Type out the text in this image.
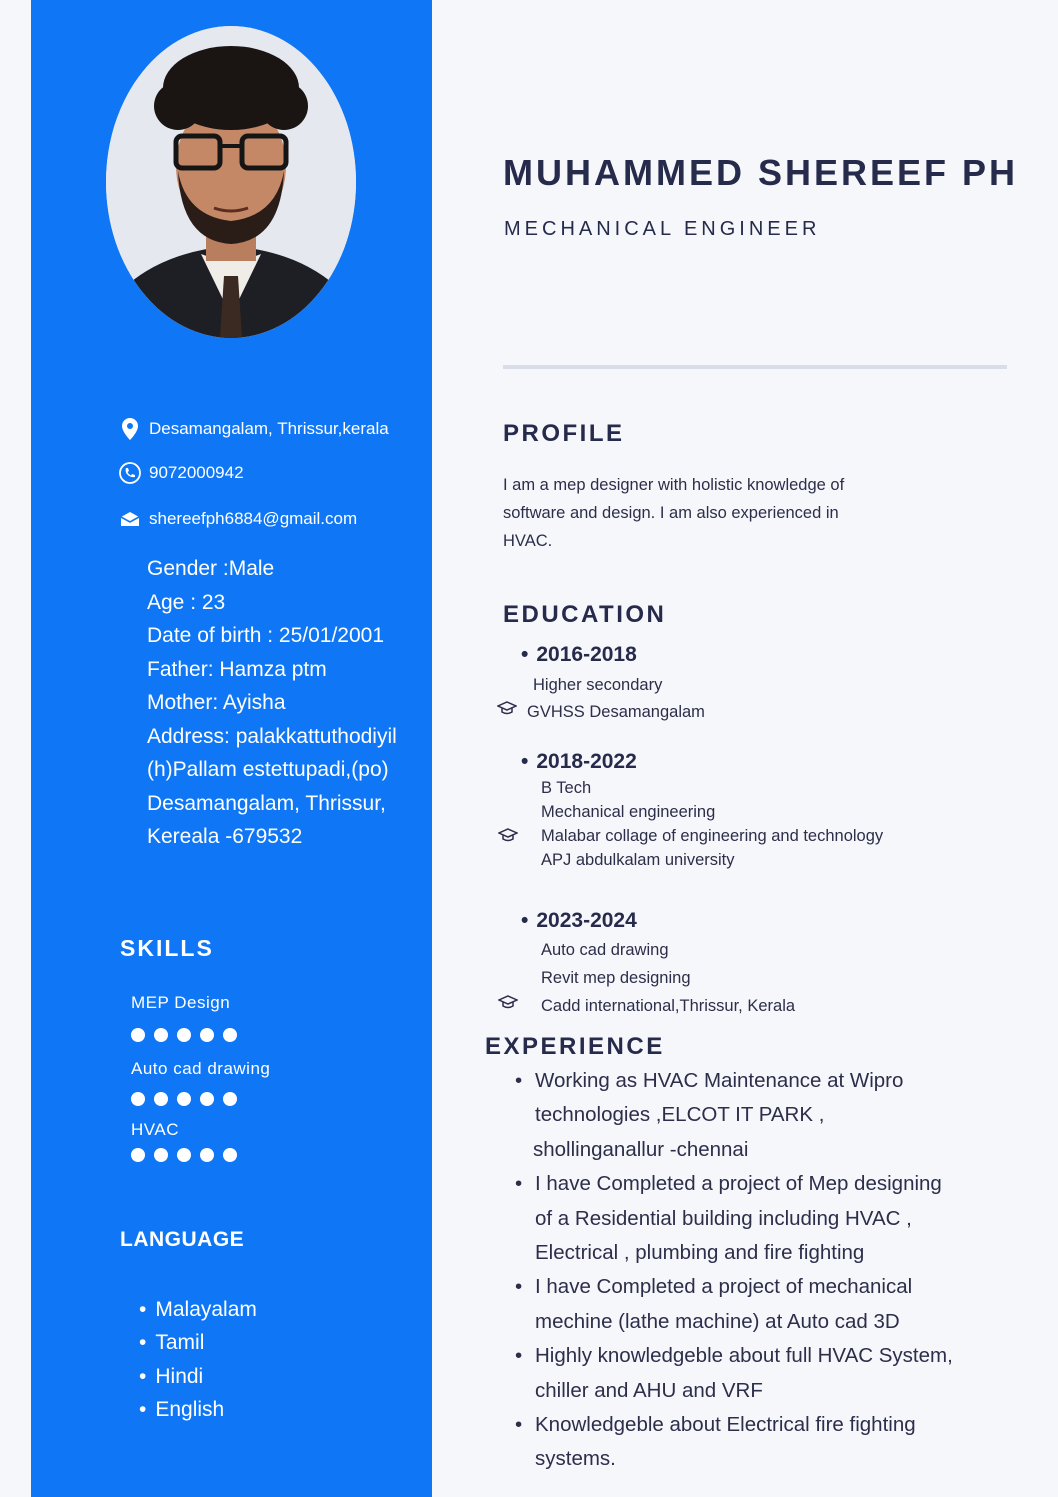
Desamangalam, Thrissur,kerala
9072000942
shereefph6884@gmail.com
Gender :Male
Age : 23
Date of birth : 25/01/2001
Father: Hamza ptm
Mother: Ayisha
Address: palakkattuthodiyil
(h)Pallam estettupadi,(po)
Desamangalam, Thrissur,
Kereala -679532
SKILLS
MEP Design
Auto cad drawing
HVAC
LANGUAGE
• Malayalam
• Tamil
• Hindi
• English
MUHAMMED SHEREEF PH
MECHANICAL ENGINEER
PROFILE
I am a mep designer with holistic knowledge of
software and design. I am also experienced in
HVAC.
EDUCATION
• 2016-2018
Higher secondary
GVHSS Desamangalam
• 2018-2022
B Tech
Mechanical engineering
Malabar collage of engineering and technology
APJ abdulkalam university
• 2023-2024
Auto cad drawing
Revit mep designing
Cadd international,Thrissur, Kerala
EXPERIENCE
• Working as HVAC Maintenance at Wipro
technologies ,ELCOT IT PARK ,
shollinganallur -chennai
• I have Completed a project of Mep designing
of a Residential building including HVAC ,
Electrical , plumbing and fire fighting
• I have Completed a project of mechanical
mechine (lathe machine) at Auto cad 3D
• Highly knowledgeble about full HVAC System,
chiller and AHU and VRF
• Knowledgeble about Electrical fire fighting
systems.
